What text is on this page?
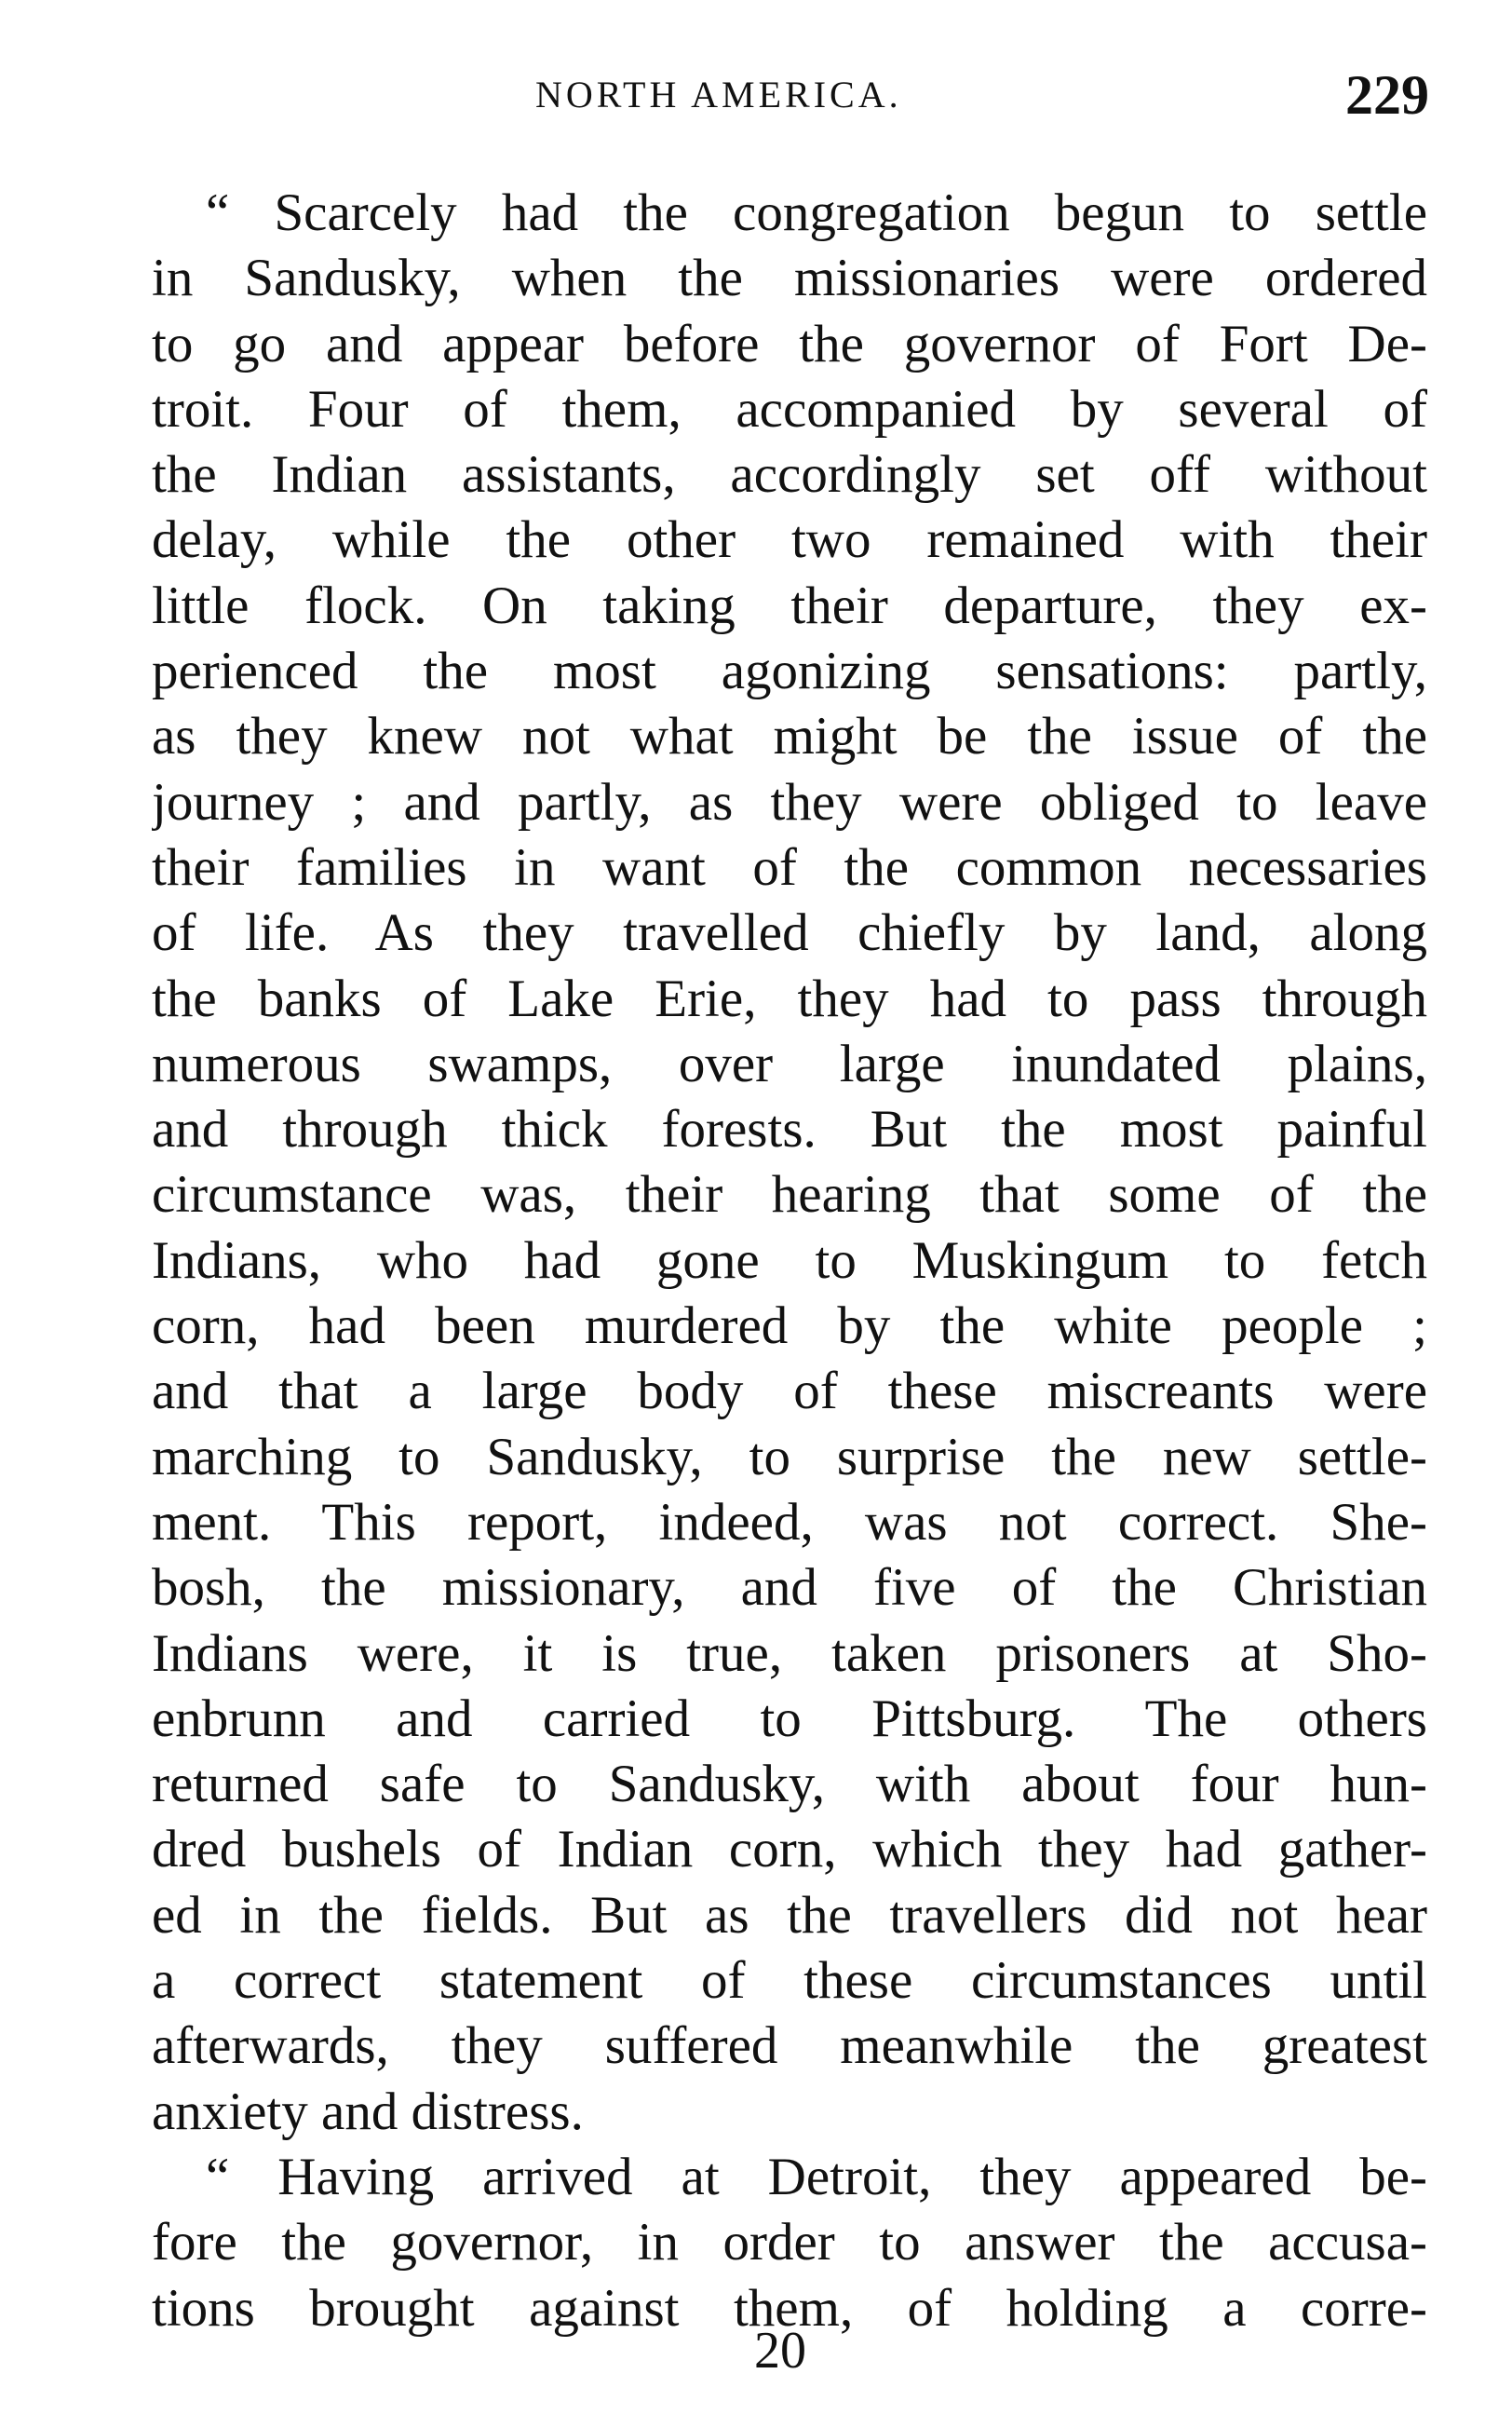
NORTH AMERICA.	229
“ Scarcely had the congregation begun to settle
in Sandusky, when the missionaries were ordered
to go and appear before the governor of Fort De-
troit. Four of them, accompanied by several of
the Indian assistants, accordingly set off without
delay, while the other two remained with their
little flock. On taking their departure, they ex-
perienced the most agonizing sensations: partly,
as they knew not what might be the issue of the
journey ; and partly, as they were obliged to leave
their families in want of the common necessaries
of life. As they travelled chiefly by land, along
the banks of Lake Erie, they had to pass through
numerous swamps, over large inundated plains,
and through thick forests. But the most painful
circumstance was, their hearing that some of the
Indians, who had gone to Muskingum to fetch
corn, had been murdered by the white people ;
and that a large body of these miscreants were
marching to Sandusky, to surprise the new settle-
ment. This report, indeed, was not correct. She-
bosh, the missionary, and five of the Christian
Indians were, it is true, taken prisoners at Sho-
enbrunn and carried to Pittsburg. The others
returned safe to Sandusky, with about four hun-
dred bushels of Indian corn, which they had gather-
ed in the fields. But as the travellers did not hear
a correct statement of these circumstances until
afterwards, they suffered meanwhile the greatest
anxiety and distress.
“ Having arrived at Detroit, they appeared be-
fore the governor, in order to answer the accusa-
tions brought against them, of holding a corre-
20
